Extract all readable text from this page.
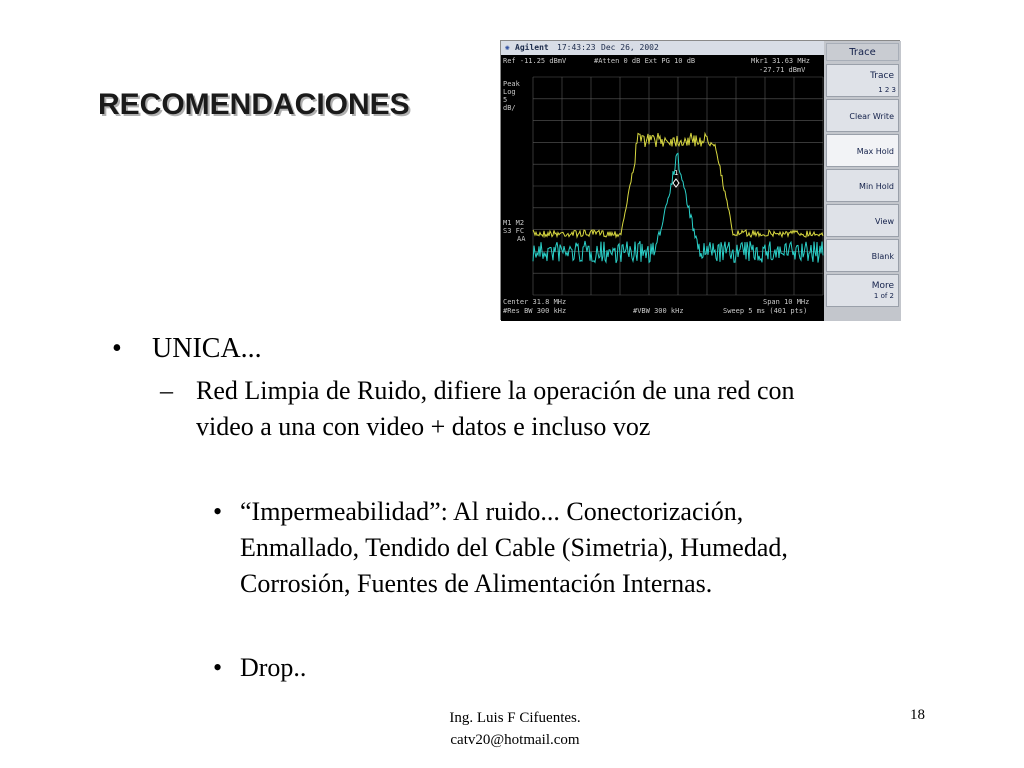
RECOMENDACIONES
✺ Agilent 17:43:23 Dec 26, 2002
1
Ref -11.25 dBmV	#Atten 0 dB Ext PG 10 dB	Mkr1 31.63 MHz
-27.71 dBmV
Peak
Log
5
dB/
M1 M2
S3 FC
AA
Center 31.8 MHz
#Res BW 300 kHz	#VBW 300 kHz
Span 10 MHz
Sweep 5 ms (401 pts)
Trace
Trace
1 2 3
Clear Write
Max Hold
Min Hold
View
Blank
More
1 of 2
• UNICA...
– Red Limpia de Ruido, difiere la operación de una red con video a una con video + datos e incluso voz
• “Impermeabilidad”: Al ruido... Conectorización, Enmallado, Tendido del Cable (Simetria), Humedad, Corrosión, Fuentes de Alimentación Internas.
• Drop..
Ing. Luis F Cifuentes.
catv20@hotmail.com
18
